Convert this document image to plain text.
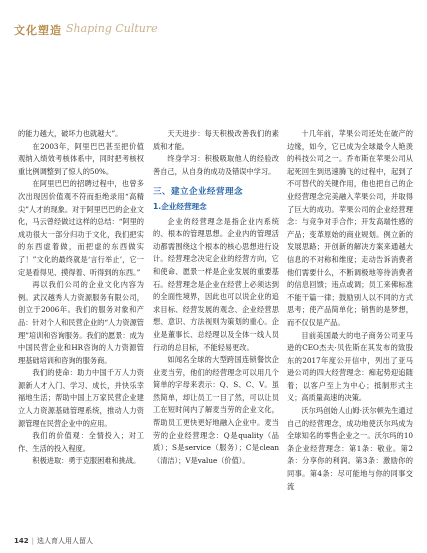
文化塑造 Shaping Culture

的能力越大，破坏力也就越大”。

在2003年，阿里巴巴甚至把价值观纳入绩效考核体系中，同时把考核权重比例调整到了惊人的50%。

在阿里巴巴的招聘过程中，也曾多次出现因价值观不符而拒绝录用“高精尖”人才的现象。对于阿里巴巴的企业文化，马云曾经做过这样的总结：“阿里的成功很大一部分归功于文化，我们把实的东西虚着做，而把虚的东西做实了！”文化的最终就是‘言行举止’，它一定是看得见、摸得着、听得到的东西。”

再以我们公司的企业文化内容为例。武汉越秀人力资源服务有限公司，创立于2006年。我们的服务对象和产品：针对个人和民营企业的“人力资源管理”培训和咨询服务。我们的愿景：成为中国民营企业和HR咨询的人力资源管理基础培训和咨询的服务商。

我们的使命：助力中国千万人力资源新人才入门、学习、成长，并快乐幸福地生活；帮助中国上万家民营企业建立人力资源基础管理系统，推动人力资源管理在民营企业中的应用。

我们的价值观：全情投入；对工作、生活的投入程度。

积极进取：勇于克服困难和挑战。

天天进步：每天积极改善我们的素质和才能。

终身学习：积极吸取他人的经验改善自己，从自身的成功及错误中学习。

三、建立企业经营理念
1.企业经营理念

企业的经营理念是指企业内系统的、根本的管理思想。企业内的管理活动都需围绕这个根本的核心思想进行设计。经营理念决定企业的经营方向，它和使命、愿景一样是企业发展的重要基石。经营理念是企业在经营上必须达到的全面性境界，因此也可以说企业的追求目标、经营发展的观念、企业经营思想、意识、方法视则为策划的重心。企业是董事长、总经理以及全体一线人员行动的总目标，不能轻易更改。

如闻名全球的大型跨国连锁餐饮企业麦当劳，他们的经营理念可以用几个简单的字母来表示：Q、S、C、V。虽然简单，却让员工一目了然，可以让员工在短时间内了解麦当劳的企业文化，帮助员工更快更好地融入企业中。麦当劳的企业经营理念：Q是quality（品质）；S是service（服务）；C是clean（清洁）；V是value（价值）。

十几年前，苹果公司还处在破产的边缘，如今，它已成为全球最令人艳羡的科技公司之一。乔布斯在苹果公司从起死回生到迅速腾飞的过程中，起到了不可替代的关键作用，他也把自己的企业经营理念完美融入苹果公司，并取得了巨大的成功。苹果公司的企业经营理念：与竞争对手合作；开发高端性感的产品；变革原始的商业规划。例立新的发展思路；开创新的解决方案来通越大信息的不对称和维度；走动告诉消费者他们需要什么，不断调极地等待消费者的信息回馈；违点或调；员工来佛标准不能干篇一律；鼓励别人以不同的方式思考；使产品简单化；销售的是梦想，而不仅仅是产品。

目前美国最大的电子商务公司亚马逊的CEO杰夫·贝佐斯在其发布的致股东的2017年度公开信中，列出了亚马逊公司的四大经营理念：痴起势迎追随着；以客户至上为中心；抵制形式主义；高质量高速的决策。

沃尔玛创始人山姆·沃尔顿先生通过自己的经营理念，成功地使沃尔玛成为全球知名的零售企业之一。沃尔玛的10条企业经营理念：第1条：敬业。第2条：分享你的利润。第3条：激励你的同事。第4条：尽可能地与你的同事交流

142 | 选人育人用人留人
